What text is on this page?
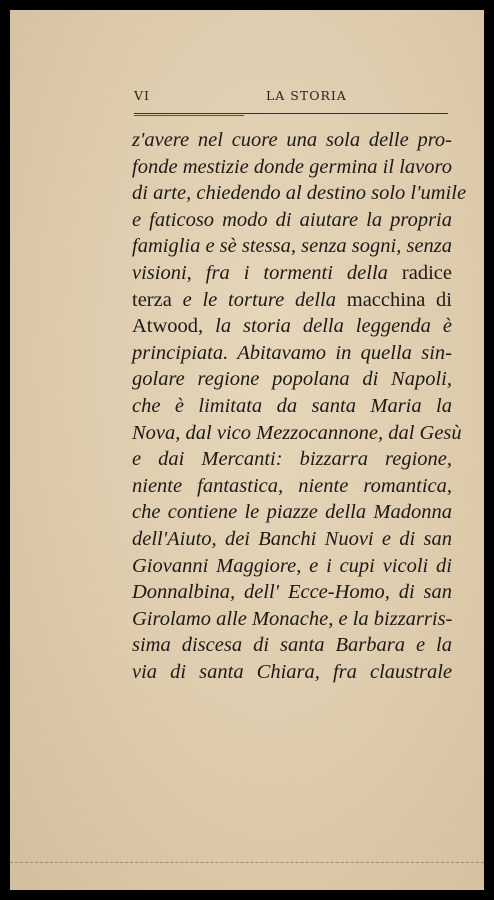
VI	LA STORIA
z'avere nel cuore una sola delle pro-
fonde mestizie donde germina il lavoro
di arte, chiedendo al destino solo l'umile
e faticoso modo di aiutare la propria
famiglia e sè stessa, senza sogni, senza
visioni, fra i tormenti della radice
terza e le torture della macchina di
Atwood, la storia della leggenda è
principiata. Abitavamo in quella sin-
golare regione popolana di Napoli,
che è limitata da santa Maria la
Nova, dal vico Mezzocannone, dal Gesù
e dai Mercanti: bizzarra regione,
niente fantastica, niente romantica,
che contiene le piazze della Madonna
dell'Aiuto, dei Banchi Nuovi e di san
Giovanni Maggiore, e i cupi vicoli di
Donnalbina, dell' Ecce-Homo, di san
Girolamo alle Monache, e la bizzarris-
sima discesa di santa Barbara e la
via di santa Chiara, fra claustrale
